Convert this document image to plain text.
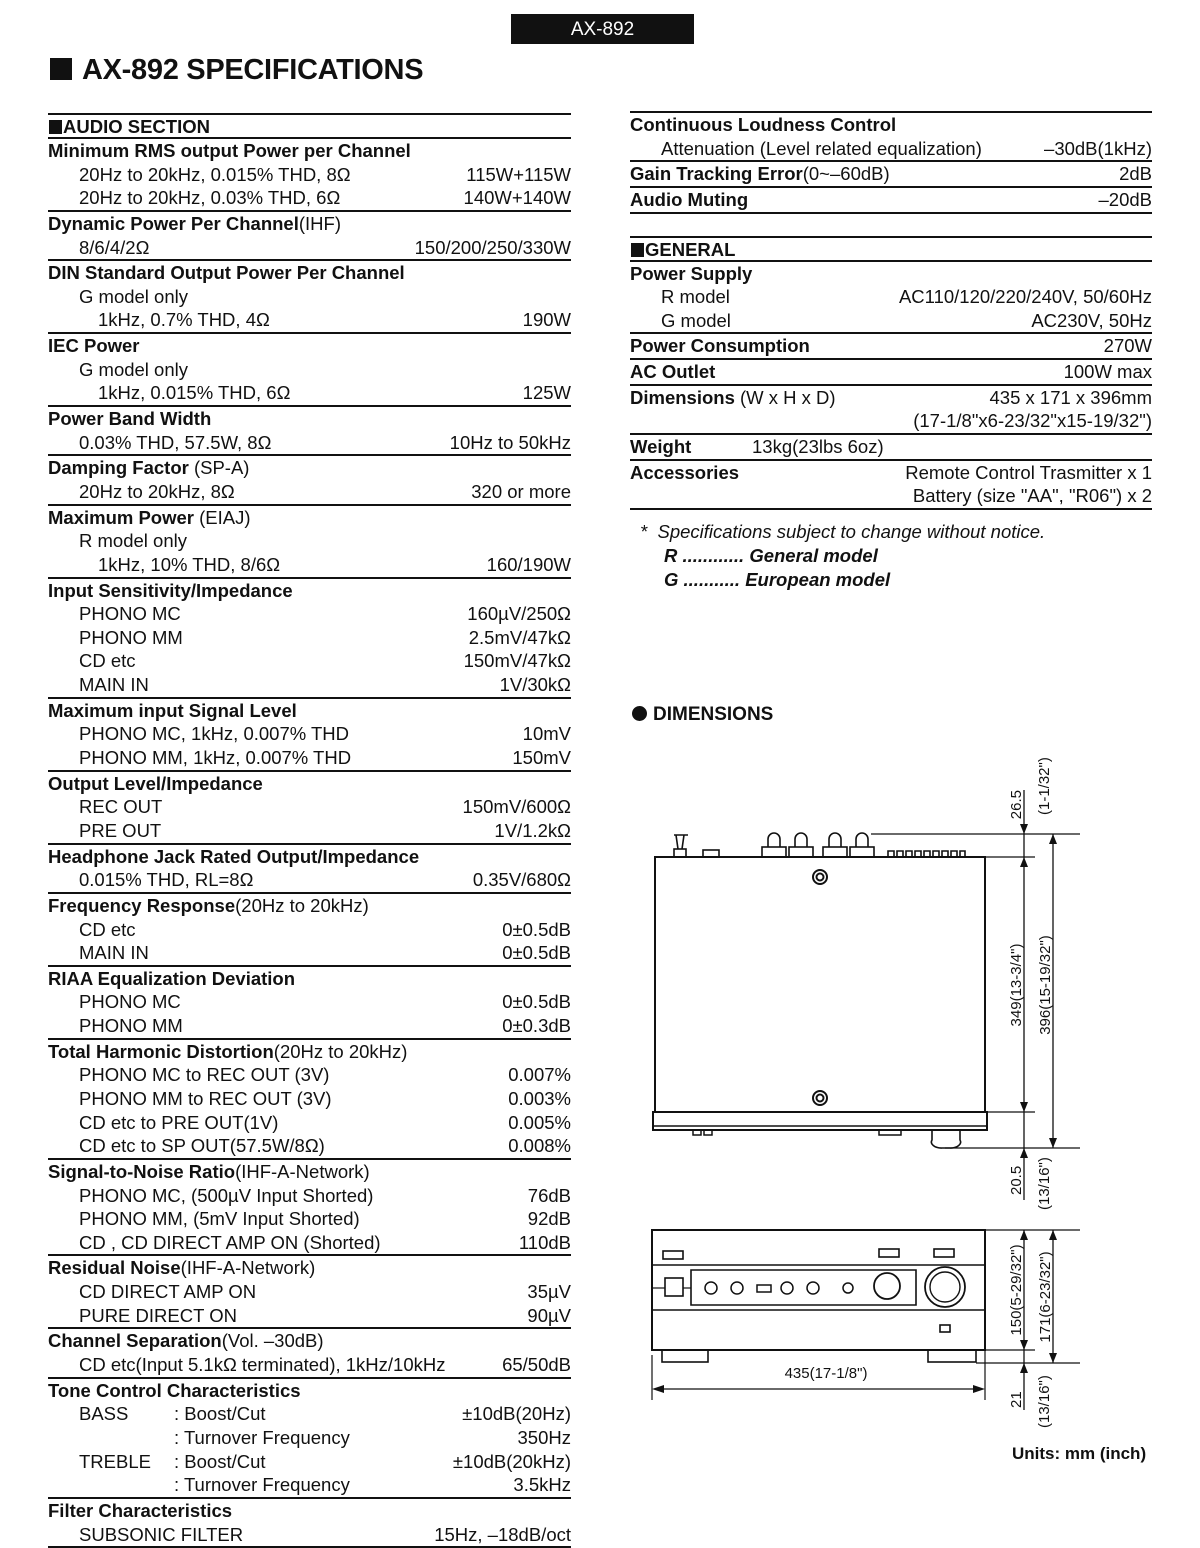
AX-892
AX-892 SPECIFICATIONS
AUDIO SECTION
Minimum RMS output Power per Channel
20Hz to 20kHz, 0.015% THD, 8Ω	115W+115W
20Hz to 20kHz, 0.03% THD, 6Ω	140W+140W
Dynamic Power Per Channel(IHF)
8/6/4/2Ω	150/200/250/330W
DIN Standard Output Power Per Channel
G model only
1kHz, 0.7% THD, 4Ω	190W
IEC Power
G model only
1kHz, 0.015% THD, 6Ω	125W
Power Band Width
0.03% THD, 57.5W, 8Ω	10Hz to 50kHz
Damping Factor (SP-A)
20Hz to 20kHz, 8Ω	320 or more
Maximum Power (EIAJ)
R model only
1kHz, 10% THD, 8/6Ω	160/190W
Input Sensitivity/Impedance
PHONO MC	160µV/250Ω
PHONO MM	2.5mV/47kΩ
CD etc	150mV/47kΩ
MAIN IN	1V/30kΩ
Maximum input Signal Level
PHONO MC, 1kHz, 0.007% THD	10mV
PHONO MM, 1kHz, 0.007% THD	150mV
Output Level/Impedance
REC OUT	150mV/600Ω
PRE OUT	1V/1.2kΩ
Headphone Jack Rated Output/Impedance
0.015% THD, RL=8Ω	0.35V/680Ω
Frequency Response(20Hz to 20kHz)
CD etc	0±0.5dB
MAIN IN	0±0.5dB
RIAA Equalization Deviation
PHONO MC	0±0.5dB
PHONO MM	0±0.3dB
Total Harmonic Distortion(20Hz to 20kHz)
PHONO MC to REC OUT (3V)	0.007%
PHONO MM to REC OUT (3V)	0.003%
CD etc to PRE OUT(1V)	0.005%
CD etc to SP OUT(57.5W/8Ω)	0.008%
Signal-to-Noise Ratio(IHF-A-Network)
PHONO MC, (500µV Input Shorted)	76dB
PHONO MM, (5mV Input Shorted)	92dB
CD , CD DIRECT AMP ON (Shorted)	110dB
Residual Noise(IHF-A-Network)
CD DIRECT AMP ON	35µV
PURE DIRECT ON	90µV
Channel Separation(Vol. –30dB)
CD etc(Input 5.1kΩ terminated), 1kHz/10kHz	65/50dB
Tone Control Characteristics
BASS : Boost/Cut	±10dB(20Hz)
: Turnover Frequency	350Hz
TREBLE : Boost/Cut	±10dB(20kHz)
: Turnover Frequency	3.5kHz
Filter Characteristics
SUBSONIC FILTER	15Hz, –18dB/oct
Continuous Loudness Control
Attenuation (Level related equalization)	–30dB(1kHz)
Gain Tracking Error(0~–60dB)	2dB
Audio Muting	–20dB
GENERAL
Power Supply
R model	AC110/120/220/240V, 50/60Hz
G model	AC230V, 50Hz
Power Consumption	270W
AC Outlet	100W max
Dimensions (W x H x D)	435 x 171 x 396mm
(17-1/8"x6-23/32"x15-19/32")
Weight	13kg(23lbs 6oz)
Accessories	Remote Control Trasmitter x 1
Battery (size "AA", "R06") x 2
* Specifications subject to change without notice.
R ............ General model
G ........... European model
DIMENSIONS
26.5 (1-1/32")
349(13-3/4") 396(15-19/32")
20.5 (13/16")
150(5-29/32") 171(6-23/32")
435(17-1/8")
21 (13/16")
Units: mm (inch)
